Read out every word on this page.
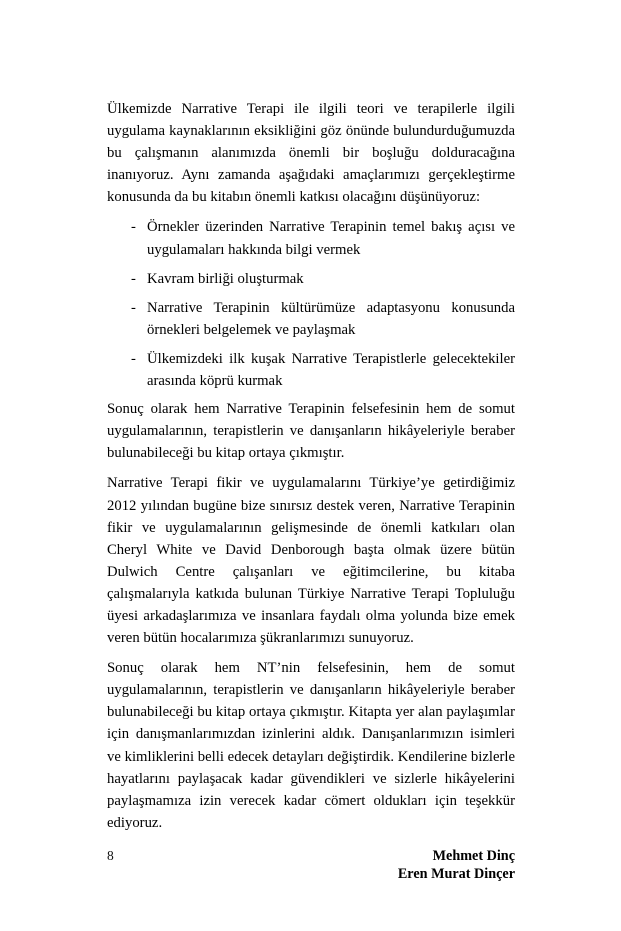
Ülkemizde Narrative Terapi ile ilgili teori ve terapilerle ilgili uygulama kaynaklarının eksikliğini göz önünde bulundurduğumuzda bu çalışmanın alanımızda önemli bir boşluğu dolduracağına inanıyoruz. Aynı zamanda aşağıdaki amaçlarımızı gerçekleştirme konusunda da bu kitabın önemli katkısı olacağını düşünüyoruz:

- Örnekler üzerinden Narrative Terapinin temel bakış açısı ve uygulamaları hakkında bilgi vermek
- Kavram birliği oluşturmak
- Narrative Terapinin kültürümüze adaptasyonu konusunda örnekleri belgelemek ve paylaşmak
- Ülkemizdeki ilk kuşak Narrative Terapistlerle gelecektekiler arasında köprü kurmak

Sonuç olarak hem Narrative Terapinin felsefesinin hem de somut uygulamalarının, terapistlerin ve danışanların hikâyeleriyle beraber bulunabileceği bu kitap ortaya çıkmıştır.

Narrative Terapi fikir ve uygulamalarını Türkiye’ye getirdiğimiz 2012 yılından bugüne bize sınırsız destek veren, Narrative Terapinin fikir ve uygulamalarının gelişmesinde de önemli katkıları olan Cheryl White ve David Denborough başta olmak üzere bütün Dulwich Centre çalışanları ve eğitimcilerine, bu kitaba çalışmalarıyla katkıda bulunan Türkiye Narrative Terapi Topluluğu üyesi arkadaşlarımıza ve insanlara faydalı olma yolunda bize emek veren bütün hocalarımıza şükranlarımızı sunuyoruz.

Sonuç olarak hem NT’nin felsefesinin, hem de somut uygulamalarının, terapistlerin ve danışanların hikâyeleriyle beraber bulunabileceği bu kitap ortaya çıkmıştır. Kitapta yer alan paylaşımlar için danışmanlarımızdan izinlerini aldık. Danışanlarımızın isimleri ve kimliklerini belli edecek detayları değiştirdik. Kendilerine bizlerle hayatlarını paylaşacak kadar güvendikleri ve sizlerle hikâyelerini paylaşmamıza izin verecek kadar cömert oldukları için teşekkür ediyoruz.

Mehmet Dinç
Eren Murat Dinçer
8
